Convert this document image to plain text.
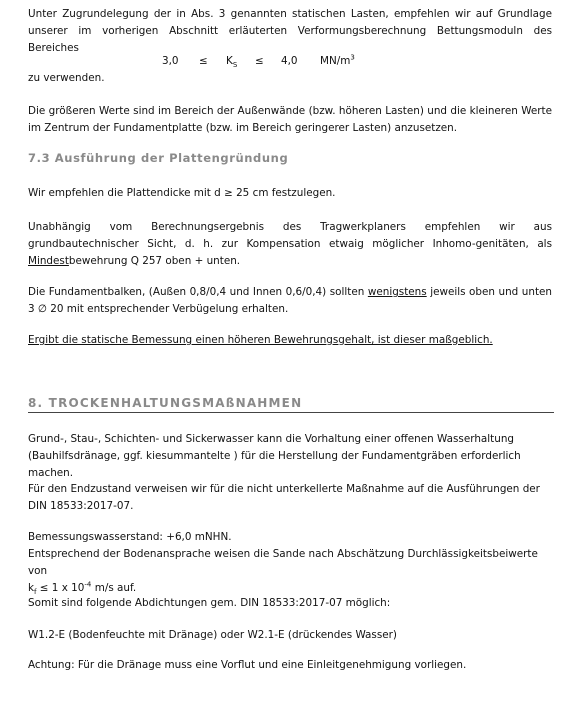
Unter Zugrundelegung der in Abs. 3 genannten statischen Lasten, empfehlen wir auf Grundlage unserer im vorherigen Abschnitt erläuterten Verformungsberechnung Bettungsmoduln des Bereiches

$3,0 \le K_S \le 4,0$ $MN/m^3$

zu verwenden.

Die größeren Werte sind im Bereich der Außenwände (bzw. höheren Lasten) und die kleineren Werte im Zentrum der Fundamentplatte (bzw. im Bereich geringerer Lasten) anzusetzen.

7.3 Ausführung der Plattengründung

Wir empfehlen die Plattendicke mit d ≥ 25 cm festzulegen.

Unabhängig vom Berechnungsergebnis des Tragwerkplaners empfehlen wir aus grundbautechnischer Sicht, d. h. zur Kompensation etwaig möglicher Inhomo-genitäten, als Mindestbewehrung Q 257 oben + unten.

Die Fundamentbalken, (Außen 0,8/0,4 und Innen 0,6/0,4) sollten wenigstens jeweils oben und unten 3 ∅ 20 mit entsprechender Verbügelung erhalten.

Ergibt die statische Bemessung einen höheren Bewehrungsgehalt, ist dieser maßgeblich.

8. TROCKENHALTUNGSMAßNAHMEN

Grund-, Stau-, Schichten- und Sickerwasser kann die Vorhaltung einer offenen Wasserhaltung (Bauhilfsdränage, ggf. kiesummantelte ) für die Herstellung der Fundamentgräben erforderlich machen.

Für den Endzustand verweisen wir für die nicht unterkellerte Maßnahme auf die Ausführungen der
DIN 18533:2017-07.

Bemessungswasserstand: +6,0 mNHN.
Entsprechend der Bodenansprache weisen die Sande nach Abschätzung Durchlässigkeitsbeiwerte von
$k_f \le 1$ x $10^{-4}$ m/s auf.

Somit sind folgende Abdichtungen gem. DIN 18533:2017-07 möglich:

W1.2-E (Bodenfeuchte mit Dränage) oder W2.1-E (drückendes Wasser)

Achtung: Für die Dränage muss eine Vorflut und eine Einleitgenehmigung vorliegen.
